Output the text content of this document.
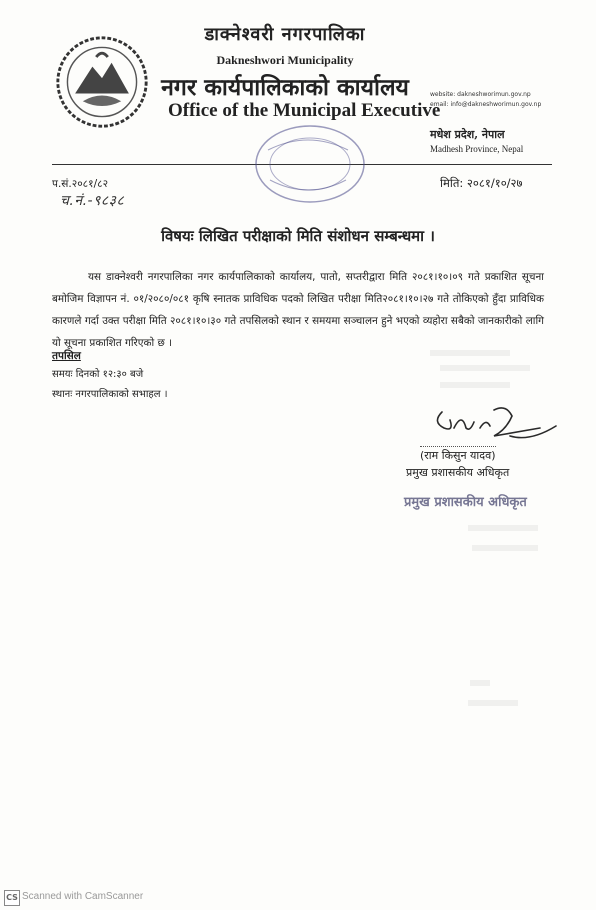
डाक्नेश्वरी नगरपालिका
Dakneshwori Municipality
नगर कार्यपालिकाको कार्यालय
Office of the Municipal Executive
website: dakneshworimun.gov.np
email: info@dakneshworimun.gov.np
मधेश प्रदेश, नेपाल
Madhesh Province, Nepal
प.सं.२०८१/८२
च.नं.-९८३८
मिति: २०८१/१०/२७
विषयः लिखित परीक्षाको मिति संशोधन सम्बन्धमा ।
यस डाक्नेश्वरी नगरपालिका नगर कार्यपालिकाको कार्यालय, पातो, सप्तरीद्वारा मिति २०८१।१०।०९ गते प्रकाशित सूचना बमोजिम विज्ञापन नं. ०१/२०८०/०८१ कृषि स्नातक प्राविधिक पदको लिखित परीक्षा मिति२०८१।१०।२७ गते तोकिएको हुँदा प्राविधिक कारणले गर्दा उक्त परीक्षा मिति २०८१।१०।३० गते तपसिलको स्थान र समयमा सञ्चालन हुने भएको व्यहोरा सबैको जानकारीको लागि यो सूचना प्रकाशित गरिएको छ ।
तपसिल
समयः दिनको १२:३० बजे
स्थानः नगरपालिकाको सभाहल ।
(राम किसुन यादव)
प्रमुख प्रशासकीय अधिकृत
प्रमुख प्रशासकीय अधिकृत
CS Scanned with CamScanner
